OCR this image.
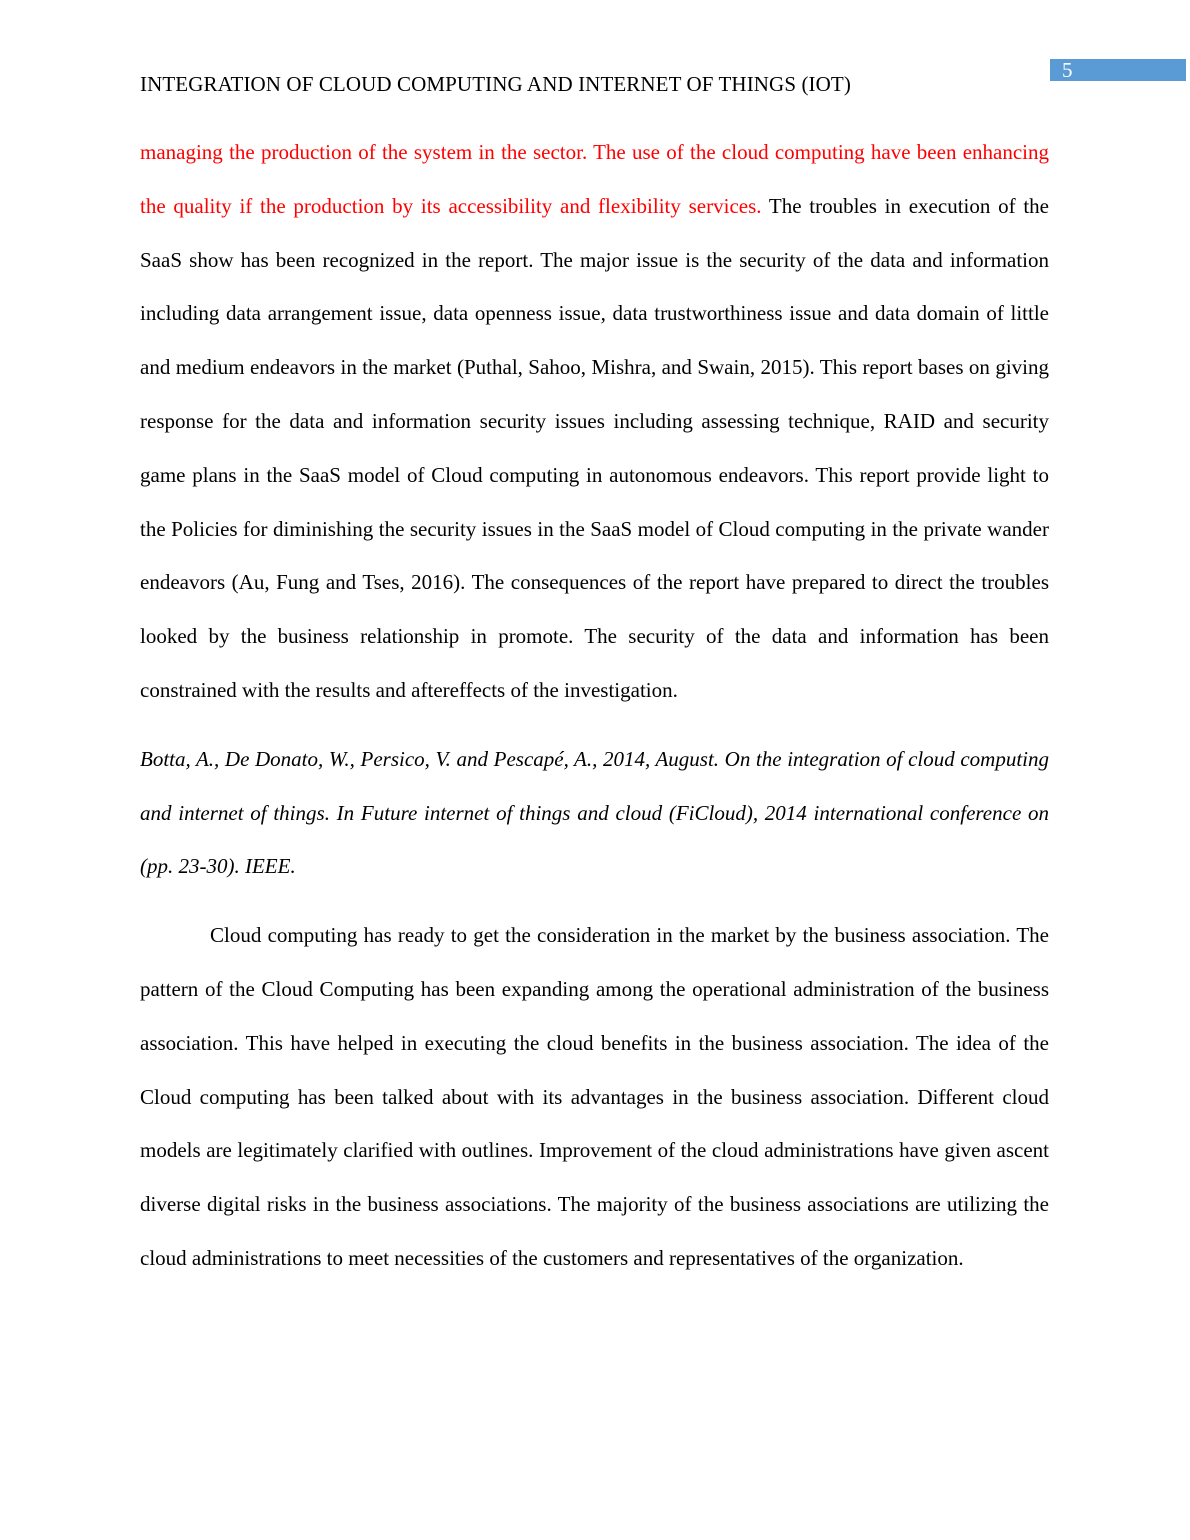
5
INTEGRATION OF CLOUD COMPUTING AND INTERNET OF THINGS (IOT)

managing the production of the system in the sector. The use of the cloud computing have been enhancing the quality if the production by its accessibility and flexibility services. The troubles in execution of the SaaS show has been recognized in the report. The major issue is the security of the data and information including data arrangement issue, data openness issue, data trustworthiness issue and data domain of little and medium endeavors in the market (Puthal, Sahoo, Mishra, and Swain, 2015). This report bases on giving response for the data and information security issues including assessing technique, RAID and security game plans in the SaaS model of Cloud computing in autonomous endeavors. This report provide light to the Policies for diminishing the security issues in the SaaS model of Cloud computing in the private wander endeavors (Au, Fung and Tses, 2016). The consequences of the report have prepared to direct the troubles looked by the business relationship in promote. The security of the data and information has been constrained with the results and aftereffects of the investigation.

Botta, A., De Donato, W., Persico, V. and Pescapé, A., 2014, August. On the integration of cloud computing and internet of things. In Future internet of things and cloud (FiCloud), 2014 international conference on (pp. 23-30). IEEE.

Cloud computing has ready to get the consideration in the market by the business association. The pattern of the Cloud Computing has been expanding among the operational administration of the business association. This have helped in executing the cloud benefits in the business association. The idea of the Cloud computing has been talked about with its advantages in the business association. Different cloud models are legitimately clarified with outlines. Improvement of the cloud administrations have given ascent diverse digital risks in the business associations. The majority of the business associations are utilizing the cloud administrations to meet necessities of the customers and representatives of the organization.
